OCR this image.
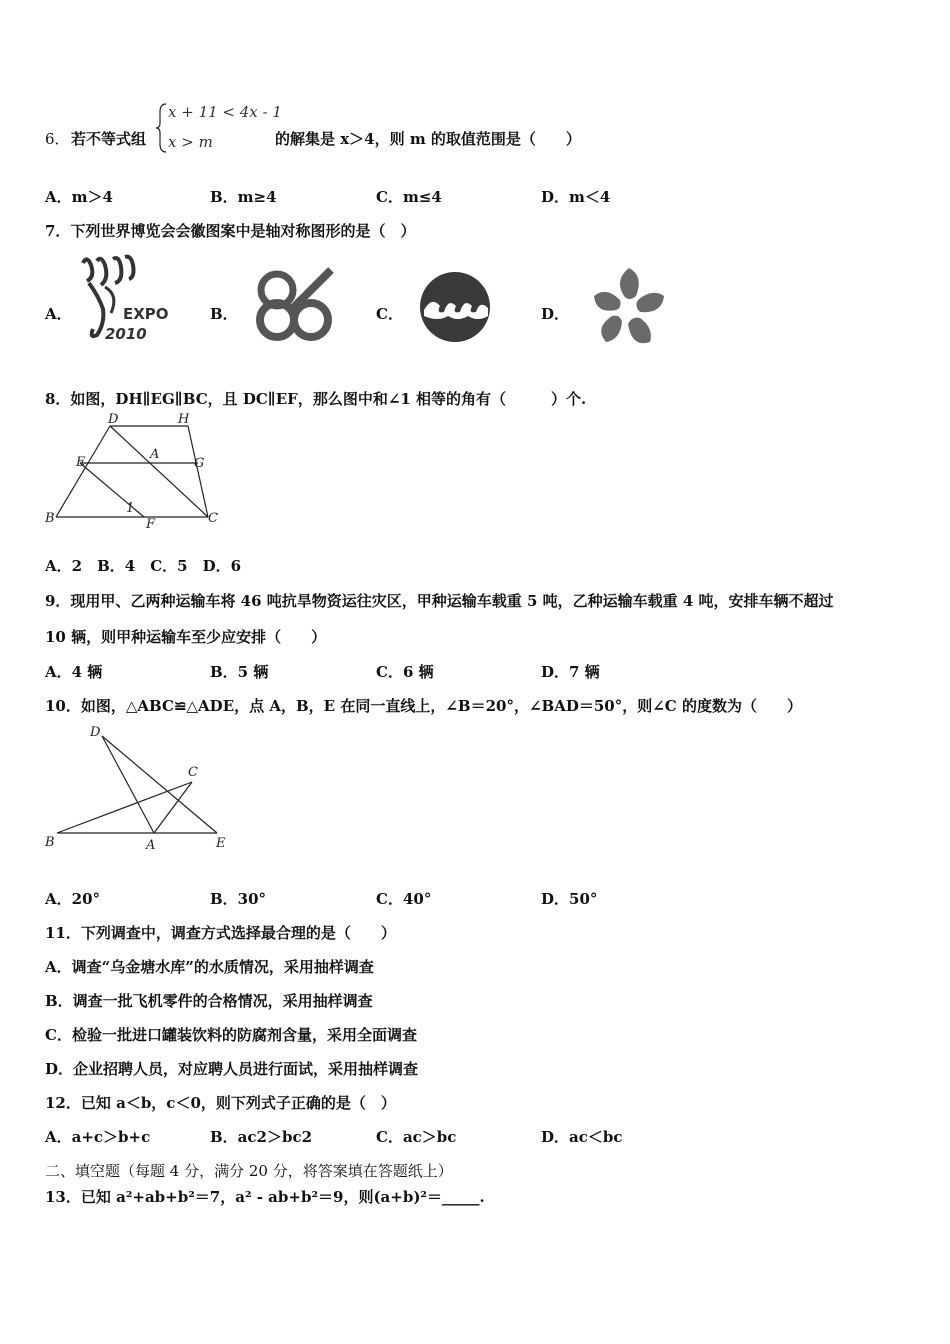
6． 若不等式组
x + 11 < 4x - 1
x > m	的解集是 x＞4，则 m 的取值范围是（　　）
A．m＞4	B．m≥4	C．m≤4	D．m＜4
7．下列世界博览会会徽图案中是轴对称图形的是（　）
A．	EXPO
2010
B．	C．	D．
8．如图，DH∥EG∥BC，且 DC∥EF，那么图中和∠1 相等的角有（　　　）个.
D	H
E
A
G
B
1
F	C
A．2　B．4　C．5　D．6
9．现用甲、乙两种运输车将 46 吨抗旱物资运往灾区，甲种运输车载重 5 吨，乙种运输车载重 4 吨，安排车辆不超过
10 辆，则甲种运输车至少应安排（　　）
A．4 辆	B．5 辆	C．6 辆	D．7 辆
10．如图，△ABC≌△ADE，点 A，B，E 在同一直线上，∠B＝20°，∠BAD＝50°，则∠C 的度数为（　　）
D
C
B	A	E
A．20°	B．30°	C．40°	D．50°
11．下列调查中，调查方式选择最合理的是（　　）
A．调查“乌金塘水库”的水质情况，采用抽样调查
B．调查一批飞机零件的合格情况，采用抽样调查
C．检验一批进口罐装饮料的防腐剂含量，采用全面调查
D．企业招聘人员，对应聘人员进行面试，采用抽样调查
12．已知 a＜b，c＜0，则下列式子正确的是（　）
A．a+c＞b+c	B．ac2＞bc2	C．ac＞bc	D．ac＜bc
二、填空题（每题 4 分，满分 20 分，将答案填在答题纸上）
13．已知 a²+ab+b²＝7，a² - ab+b²＝9，则(a+b)²＝_____.
